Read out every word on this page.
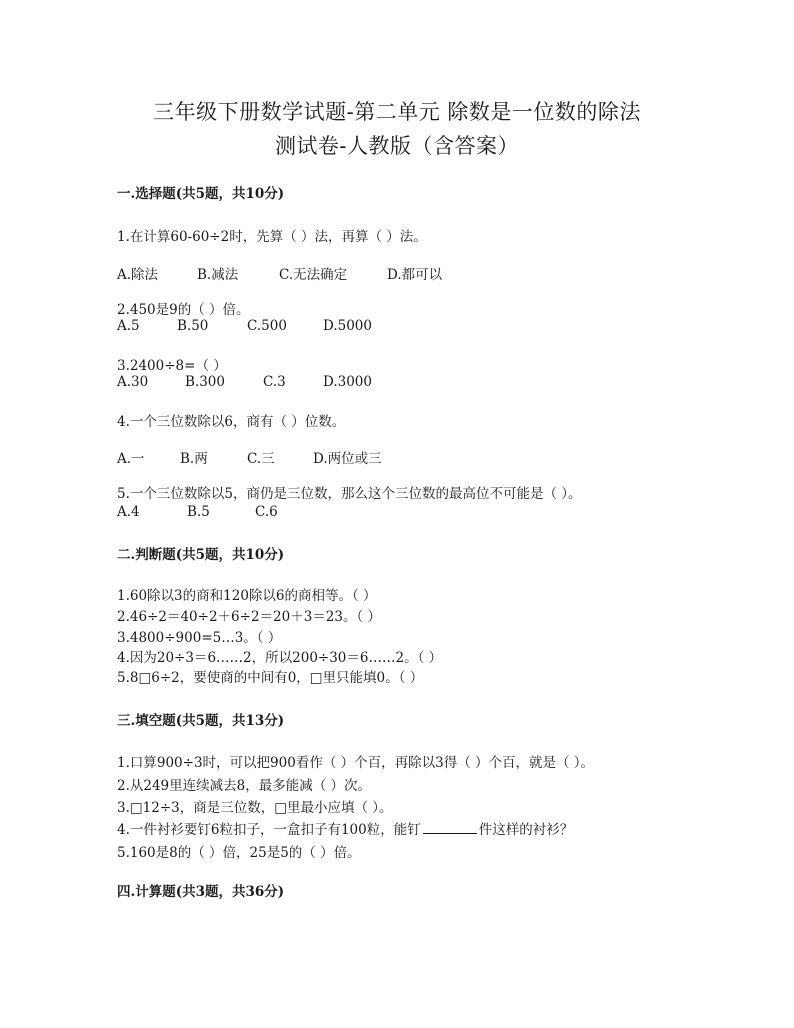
三年级下册数学试题-第二单元 除数是一位数的除法
测试卷-人教版（含答案）
一.选择题(共5题，共10分)
1.在计算60-60÷2时，先算（ ）法，再算（ ）法。
A.除法	B.减法	C.无法确定	D.都可以
2.450是9的（ ）倍。
A.5	B.50	C.500	D.5000
3.2400÷8=（ ）
A.30	B.300	C.3	D.3000
4.一个三位数除以6，商有（ ）位数。
A.一	B.两	C.三	D.两位或三
5.一个三位数除以5，商仍是三位数，那么这个三位数的最高位不可能是（ ）。
A.4	B.5	C.6
二.判断题(共5题，共10分)
1.60除以3的商和120除以6的商相等。（ ）
2.46÷2＝40÷2＋6÷2＝20＋3＝23。（ ）
3.4800÷900=5…3。（ ）
4.因为20÷3＝6……2，所以200÷30＝6……2。（ ）
5.8□6÷2，要使商的中间有0，□里只能填0。（ ）
三.填空题(共5题，共13分)
1.口算900÷3时，可以把900看作（ ）个百，再除以3得（ ）个百，就是（ ）。
2.从249里连续减去8，最多能减（ ）次。
3.□12÷3，商是三位数，□里最小应填（ ）。
4.一件衬衫要钉6粒扣子，一盒扣子有100粒，能钉	件这样的衬衫？
5.160是8的（ ）倍，25是5的（ ）倍。
四.计算题(共3题，共36分)
